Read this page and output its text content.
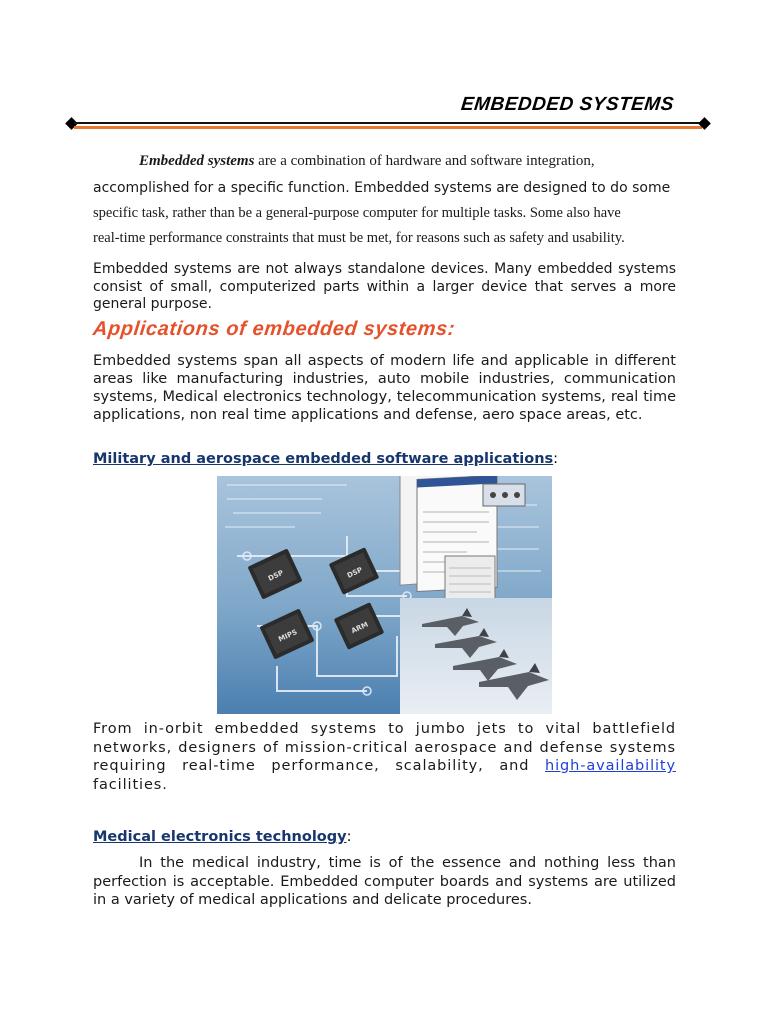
EMBEDDED SYSTEMS
Embedded systems are a combination of hardware and software integration,
accomplished for a specific function. Embedded systems are designed to do some
specific task, rather than be a general-purpose computer for multiple tasks. Some also have
real-time performance constraints that must be met, for reasons such as safety and usability.
Embedded systems are not always standalone devices. Many embedded systems consist of small, computerized parts within a larger device that serves a more general purpose.
Applications of embedded systems:
Embedded systems span all aspects of modern life and applicable in different areas like manufacturing industries, auto mobile industries, communication systems, Medical electronics technology, telecommunication systems, real time applications, non real time applications and defense, aero space areas, etc.
Military and aerospace embedded software applications:
DSP	DSP
MIPS
ARM
From in-orbit embedded systems to jumbo jets to vital battlefield networks, designers of mission-critical aerospace and defense systems requiring real-time performance, scalability, and high-availability facilities.
Medical electronics technology:
In the medical industry, time is of the essence and nothing less than perfection is acceptable. Embedded computer boards and systems are utilized in a variety of medical applications and delicate procedures.
